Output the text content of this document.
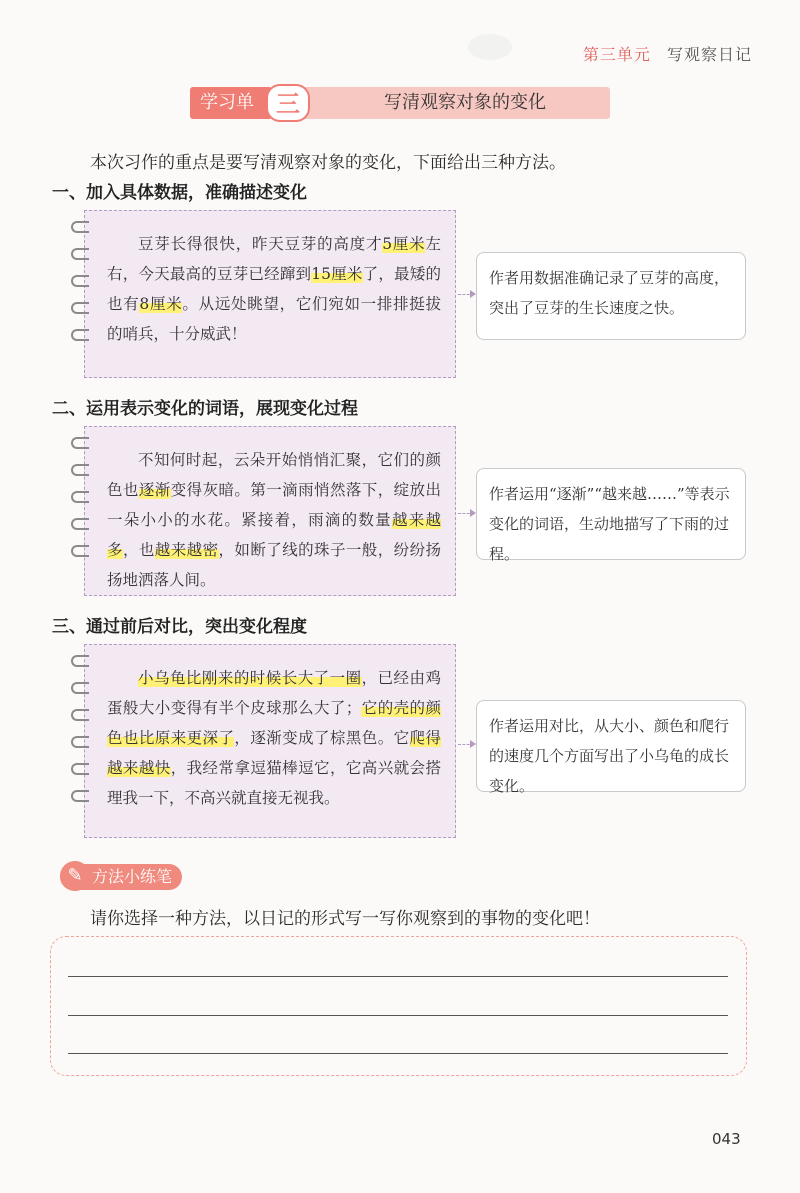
第三单元 写观察日记
学习单 三	写清观察对象的变化
本次习作的重点是要写清观察对象的变化，下面给出三种方法。
一、加入具体数据，准确描述变化

豆芽长得很快，昨天豆芽的高度才5厘米左右，今天最高的豆芽已经蹿到15厘米了，最矮的也有8厘米。从远处眺望，它们宛如一排排挺拔的哨兵，十分威武！

作者用数据准确记录了豆芽的高度，突出了豆芽的生长速度之快。
二、运用表示变化的词语，展现变化过程

不知何时起，云朵开始悄悄汇聚，它们的颜色也逐渐变得灰暗。第一滴雨悄然落下，绽放出一朵小小的水花。紧接着，雨滴的数量越来越多，也越来越密，如断了线的珠子一般，纷纷扬扬地洒落人间。

作者运用“逐渐”“越来越……”等表示变化的词语，生动地描写了下雨的过程。
三、通过前后对比，突出变化程度

小乌龟比刚来的时候长大了一圈，已经由鸡蛋般大小变得有半个皮球那么大了；它的壳的颜色也比原来更深了，逐渐变成了棕黑色。它爬得越来越快，我经常拿逗猫棒逗它，它高兴就会搭理我一下，不高兴就直接无视我。

作者运用对比，从大小、颜色和爬行的速度几个方面写出了小乌龟的成长变化。
方法小练笔
✎
请你选择一种方法，以日记的形式写一写你观察到的事物的变化吧！
043
